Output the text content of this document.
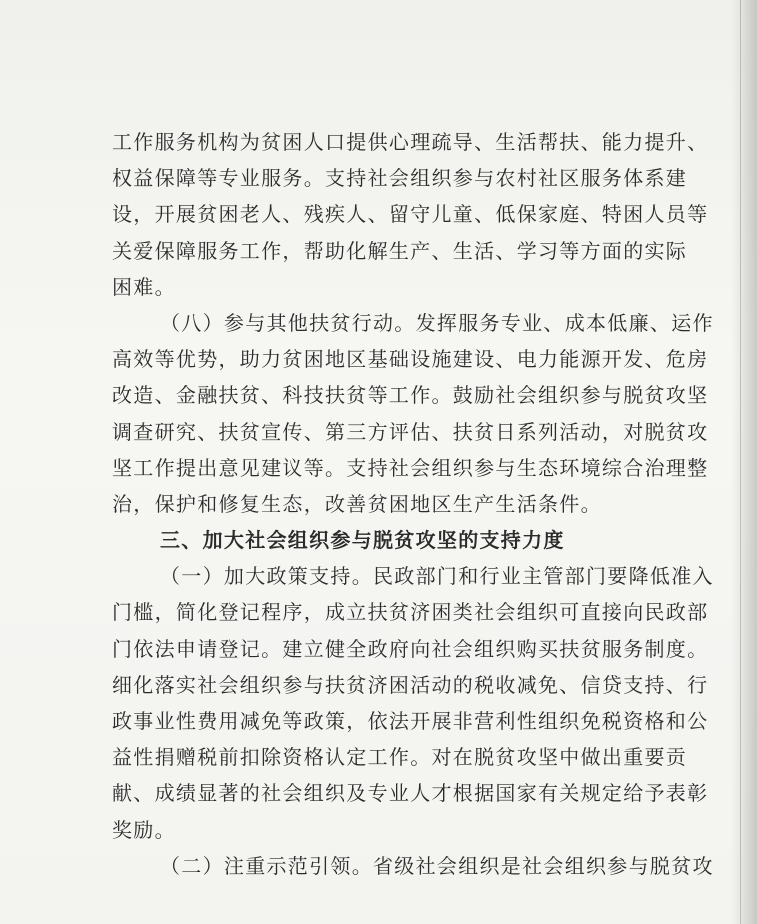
工作服务机构为贫困人口提供心理疏导、生活帮扶、能力提升、
权益保障等专业服务。支持社会组织参与农村社区服务体系建
设，开展贫困老人、残疾人、留守儿童、低保家庭、特困人员等
关爱保障服务工作，帮助化解生产、生活、学习等方面的实际
困难。
（八）参与其他扶贫行动。发挥服务专业、成本低廉、运作
高效等优势，助力贫困地区基础设施建设、电力能源开发、危房
改造、金融扶贫、科技扶贫等工作。鼓励社会组织参与脱贫攻坚
调查研究、扶贫宣传、第三方评估、扶贫日系列活动，对脱贫攻
坚工作提出意见建议等。支持社会组织参与生态环境综合治理整
治，保护和修复生态，改善贫困地区生产生活条件。
三、加大社会组织参与脱贫攻坚的支持力度
（一）加大政策支持。民政部门和行业主管部门要降低准入
门槛，简化登记程序，成立扶贫济困类社会组织可直接向民政部
门依法申请登记。建立健全政府向社会组织购买扶贫服务制度。
细化落实社会组织参与扶贫济困活动的税收减免、信贷支持、行
政事业性费用减免等政策，依法开展非营利性组织免税资格和公
益性捐赠税前扣除资格认定工作。对在脱贫攻坚中做出重要贡
献、成绩显著的社会组织及专业人才根据国家有关规定给予表彰
奖励。
（二）注重示范引领。省级社会组织是社会组织参与脱贫攻
